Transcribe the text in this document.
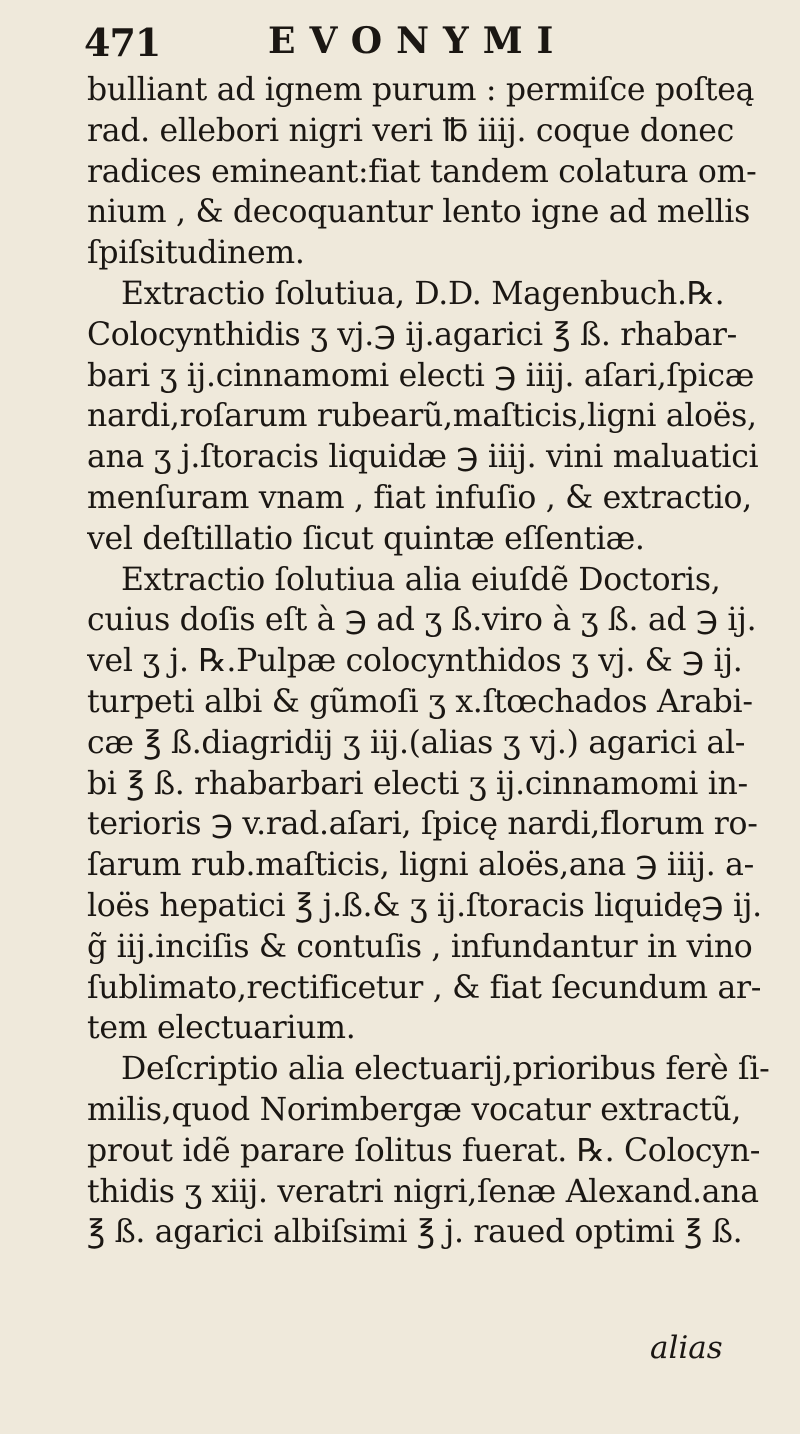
471	EVONYMI
bulliant ad ignem purum : permiſce poſteą
rad. ellebori nigri veri ℔ iiij. coque donec
radices emineant:fiat tandem colatura om-
nium , & decoquantur lento igne ad mellis
ſpiſsitudinem.
Extractio ſolutiua, D.D. Magenbuch.℞.
Colocynthidis ʒ vj.℈ ij.agarici ℥ ß. rhabar-
bari ʒ ij.cinnamomi electi ℈ iiij. aſari,ſpicæ
nardi,roſarum rubearũ,maſticis,ligni aloës,
ana ʒ j.ſtoracis liquidæ ℈ iiij. vini maluatici
menſuram vnam , fiat infuſio , & extractio,
vel deſtillatio ſicut quintæ eſſentiæ.
Extractio ſolutiua alia eiuſdẽ Doctoris,
cuius doſis eſt à ℈ ad ʒ ß.viro à ʒ ß. ad ℈ ij.
vel ʒ j. ℞.Pulpæ colocynthidos ʒ vj. & ℈ ij.
turpeti albi & gũmoſi ʒ x.ſtœchados Arabi-
cæ ℥ ß.diagridij ʒ iij.(alias ʒ vj.) agarici al-
bi ℥ ß. rhabarbari electi ʒ ij.cinnamomi in-
terioris ℈ v.rad.aſari, ſpicę nardi,florum ro-
ſarum rub.maſticis, ligni aloës,ana ℈ iiij. a-
loës hepatici ℥ j.ß.& ʒ ij.ſtoracis liquidę℈ ij.
g̃ iij.inciſis & contuſis , infundantur in vino
ſublimato,rectificetur , & fiat ſecundum ar-
tem electuarium.
Deſcriptio alia electuarij,prioribus ferè ſi-
milis,quod Norimbergæ vocatur extractũ,
prout idẽ parare ſolitus fuerat. ℞. Colocyn-
thidis ʒ xiij. veratri nigri,ſenæ Alexand.ana
℥ ß. agarici albiſsimi ℥ j. raued optimi ℥ ß.
alias
